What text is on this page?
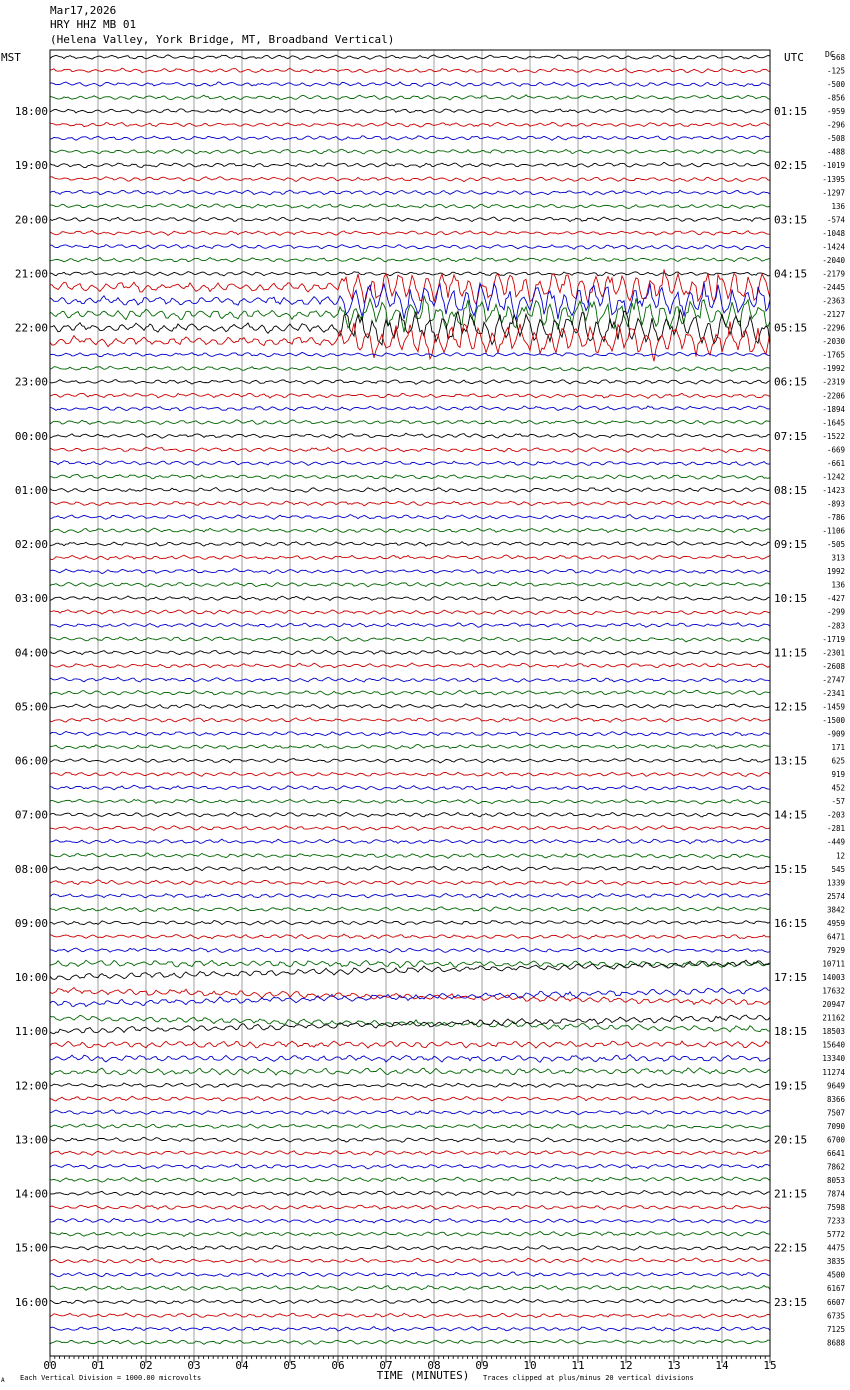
Mar17,2026
HRY HHZ MB 01
(Helena Valley, York Bridge, MT, Broadband Vertical)
00	01	02	03	04	05	06	07	08	09	10	11	12	13	14	15
568
-125
-500
-856
-959
18:00	01:15
-296
-508
-488
-1019
19:00	02:15
-1395
-1297
136
-574
20:00	03:15
-1048
-1424
-2040
-2179
21:00	04:15
-2445
-2363
-2127
-2296
22:00	05:15
-2030
-1765
-1992
-2319
23:00	06:15
-2206
-1894
-1645
-1522
00:00	07:15
-669
-661
-1242
-1423
01:00	08:15
-893
-786
-1106
-505
02:00	09:15
313
1992
136
-427
03:00	10:15
-299
-283
-1719
-2301
04:00	11:15
-2608
-2747
-2341
-1459
05:00	12:15
-1500
-909
171
625
06:00	13:15
919
452
-57
-203
07:00	14:15
-281
-449
12
545
08:00	15:15
1339
2574
3842
4959
09:00	16:15
6471
7929
10711
14003
10:00	17:15
17632
20947
21162
18503
11:00	18:15
15640
13340
11274
9649
12:00	19:15
8366
7507
7090
6700
13:00	20:15
6641
7862
8053
7874
14:00	21:15
7598
7233
5772
4475
15:00	22:15
3835
4500
6167
6607
16:00	23:15
6735
7125
8688
MST	UTC	DC
TIME (MINUTES)
Each Vertical Division = 1000.00 microvolts	Traces clipped at plus/minus 20 vertical divisions
A
